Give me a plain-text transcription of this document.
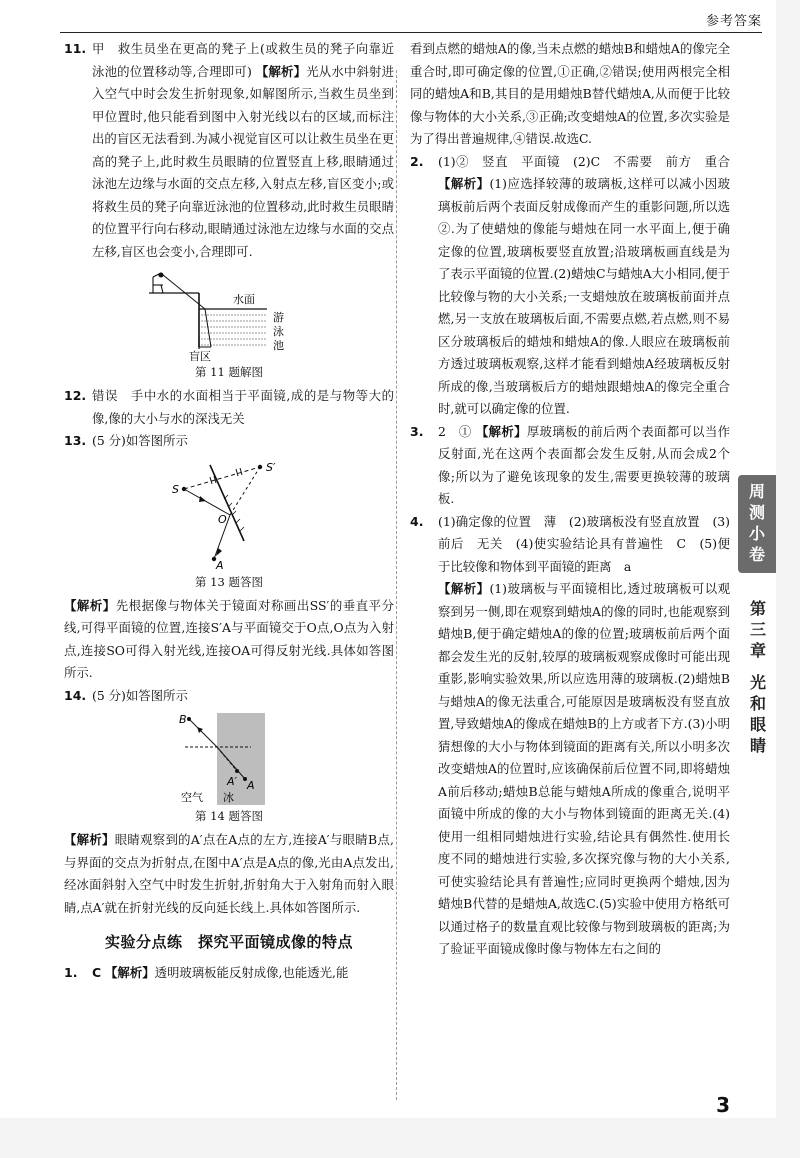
参考答案
11. 甲　救生员坐在更高的凳子上(或救生员的凳子向靠近泳池的位置移动等,合理即可) 【解析】光从水中斜射进入空气中时会发生折射现象,如解图所示,当救生员坐到甲位置时,他只能看到图中入射光线以右的区域,而标注出的盲区无法看到.为减小视觉盲区可以让救生员坐在更高的凳子上,此时救生员眼睛的位置竖直上移,眼睛通过泳池左边缘与水面的交点左移,入射点左移,盲区变小;或将救生员的凳子向靠近泳池的位置移动,此时救生员眼睛的位置平行向右移动,眼睛通过泳池左边缘与水面的交点左移,盲区也会变小,合理即可.
水面
游
泳
池
盲区
第 11 题解图
12. 错误　手中水的水面相当于平面镜,成的是与物等大的像,像的大小与水的深浅无关
13. (5 分)如答图所示
S
S′
O
A
第 13 题答图

【解析】先根据像与物体关于镜面对称画出SS′的垂直平分线,可得平面镜的位置,连接S′A与平面镜交于O点,O点为入射点,连接SO可得入射光线,连接OA可得反射光线.具体如答图所示.

14. (5 分)如答图所示
B
A′ A
空气 冰
第 14 题答图

【解析】眼睛观察到的A′点在A点的左方,连接A′与眼睛B点,与界面的交点为折射点,在图中A′点是A点的像,光由A点发出,经冰面斜射入空气中时发生折射,折射角大于入射角而射入眼睛,点A′就在折射光线的反向延长线上.具体如答图所示.

实验分点练　探究平面镜成像的特点
1.	C 【解析】透明玻璃板能反射成像,也能透光,能

看到点燃的蜡烛A的像,当未点燃的蜡烛B和蜡烛A的像完全重合时,即可确定像的位置,①正确,②错误;使用两根完全相同的蜡烛A和B,其目的是用蜡烛B替代蜡烛A,从而便于比较像与物体的大小关系,③正确;改变蜡烛A的位置,多次实验是为了得出普遍规律,④错误.故选C.

2.	(1)②　竖直　平面镜　(2)C　不需要　前方　重合 【解析】(1)应选择较薄的玻璃板,这样可以减小因玻璃板前后两个表面反射成像而产生的重影问题,所以选②.为了使蜡烛的像能与蜡烛在同一水平面上,便于确定像的位置,玻璃板要竖直放置;沿玻璃板画直线是为了表示平面镜的位置.(2)蜡烛C与蜡烛A大小相同,便于比较像与物的大小关系;一支蜡烛放在玻璃板前面并点燃,另一支放在玻璃板后面,不需要点燃,若点燃,则不易区分玻璃板后的蜡烛和蜡烛A的像.人眼应在玻璃板前方透过玻璃板观察,这样才能看到蜡烛A经玻璃板反射所成的像,当玻璃板后方的蜡烛跟蜡烛A的像完全重合时,就可以确定像的位置.
3.	2　① 【解析】厚玻璃板的前后两个表面都可以当作反射面,光在这两个表面都会发生反射,从而会成2个像;所以为了避免该现象的发生,需要更换较薄的玻璃板.
4.	(1)确定像的位置　薄　(2)玻璃板没有竖直放置　(3)前后　无关　(4)使实验结论具有普遍性　C　(5)便于比较像和物体到平面镜的距离　a
【解析】(1)玻璃板与平面镜相比,透过玻璃板可以观察到另一侧,即在观察到蜡烛A的像的同时,也能观察到蜡烛B,便于确定蜡烛A的像的位置;玻璃板前后两个面都会发生光的反射,较厚的玻璃板观察成像时可能出现重影,影响实验效果,所以应选用薄的玻璃板.(2)蜡烛B与蜡烛A的像无法重合,可能原因是玻璃板没有竖直放置,导致蜡烛A的像成在蜡烛B的上方或者下方.(3)小明猜想像的大小与物体到镜面的距离有关,所以小明多次改变蜡烛A的位置时,应该确保前后位置不同,即将蜡烛A前后移动;蜡烛B总能与蜡烛A所成的像重合,说明平面镜中所成的像的大小与物体到镜面的距离无关.(4)使用一组相同蜡烛进行实验,结论具有偶然性.使用长度不同的蜡烛进行实验,多次探究像与物的大小关系,可使实验结论具有普遍性;应同时更换两个蜡烛,因为蜡烛B代替的是蜡烛A,故选C.(5)实验中使用方格纸可以通过格子的数量直观比较像与物到玻璃板的距离;为了验证平面镜成像时像与物体左右之间的
周
测
小
卷
第
三
章
光
和
眼
睛
3
